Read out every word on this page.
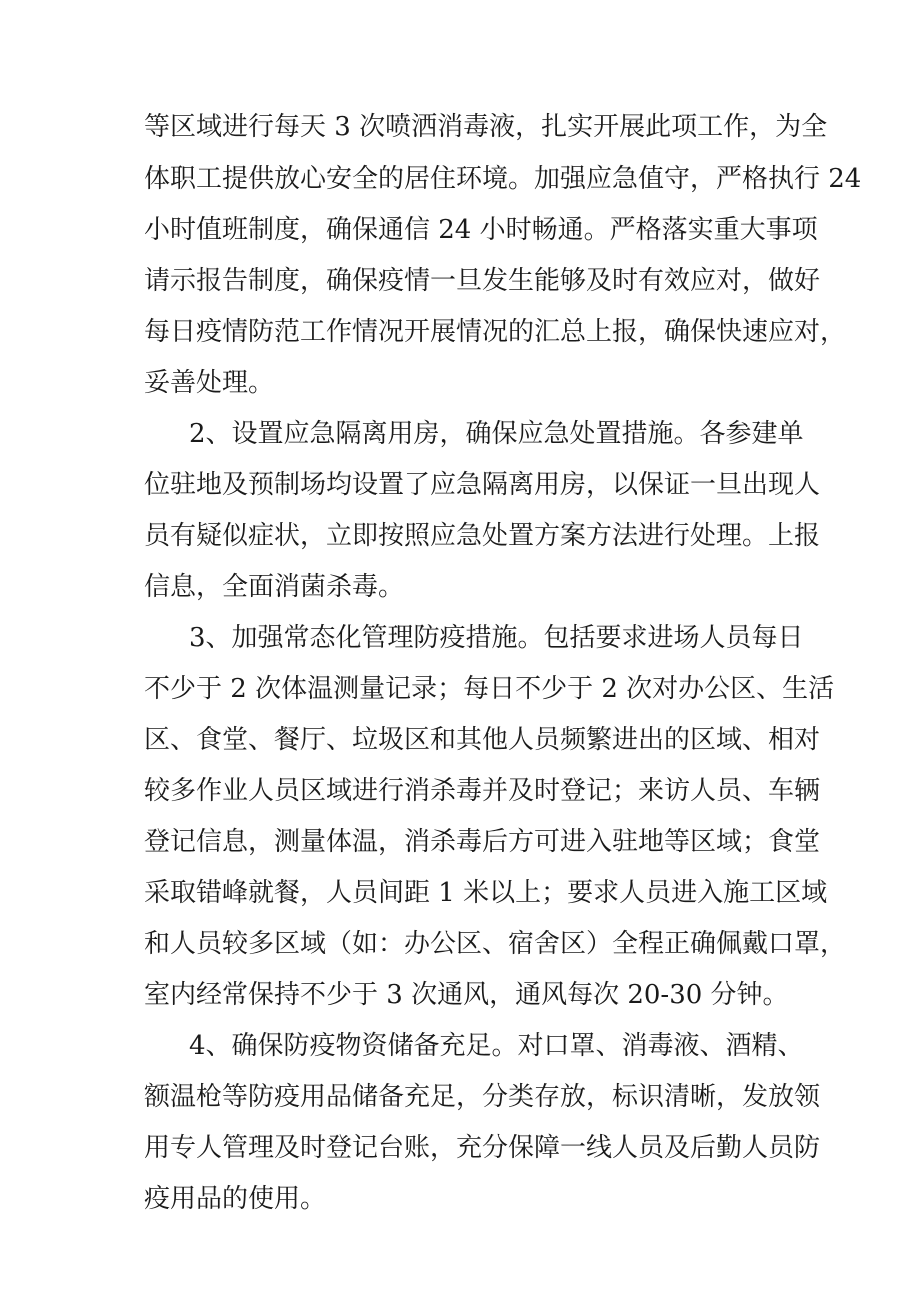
等区域进行每天 3 次喷洒消毒液，扎实开展此项工作，为全
体职工提供放心安全的居住环境。加强应急值守，严格执行 24
小时值班制度，确保通信 24 小时畅通。严格落实重大事项
请示报告制度，确保疫情一旦发生能够及时有效应对，做好
每日疫情防范工作情况开展情况的汇总上报，确保快速应对，
妥善处理。
2、设置应急隔离用房，确保应急处置措施。各参建单
位驻地及预制场均设置了应急隔离用房，以保证一旦出现人
员有疑似症状，立即按照应急处置方案方法进行处理。上报
信息，全面消菌杀毒。
3、加强常态化管理防疫措施。包括要求进场人员每日
不少于 2 次体温测量记录；每日不少于 2 次对办公区、生活
区、食堂、餐厅、垃圾区和其他人员频繁进出的区域、相对
较多作业人员区域进行消杀毒并及时登记；来访人员、车辆
登记信息，测量体温，消杀毒后方可进入驻地等区域；食堂
采取错峰就餐，人员间距 1 米以上；要求人员进入施工区域
和人员较多区域（如：办公区、宿舍区）全程正确佩戴口罩，
室内经常保持不少于 3 次通风，通风每次 20-30 分钟。
4、确保防疫物资储备充足。对口罩、消毒液、酒精、
额温枪等防疫用品储备充足，分类存放，标识清晰，发放领
用专人管理及时登记台账，充分保障一线人员及后勤人员防
疫用品的使用。
